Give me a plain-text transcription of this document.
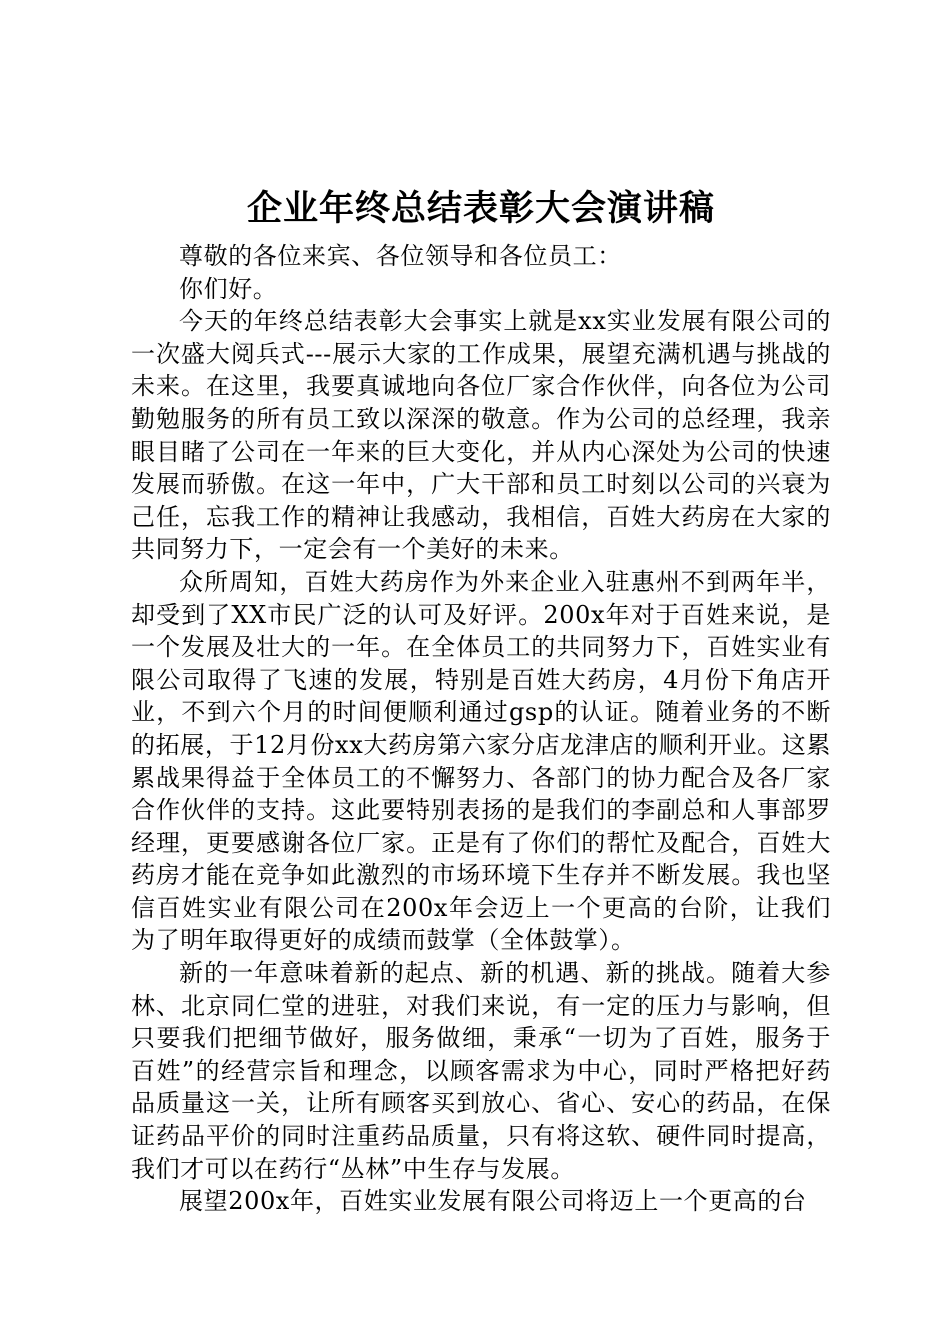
企业年终总结表彰大会演讲稿

尊敬的各位来宾、各位领导和各位员工：

你们好。

今天的年终总结表彰大会事实上就是xx实业发展有限公司的一次盛大阅兵式---展示大家的工作成果，展望充满机遇与挑战的未来。在这里，我要真诚地向各位厂家合作伙伴，向各位为公司勤勉服务的所有员工致以深深的敬意。作为公司的总经理，我亲眼目睹了公司在一年来的巨大变化，并从内心深处为公司的快速发展而骄傲。在这一年中，广大干部和员工时刻以公司的兴衰为己任，忘我工作的精神让我感动，我相信，百姓大药房在大家的共同努力下，一定会有一个美好的未来。

众所周知，百姓大药房作为外来企业入驻惠州不到两年半，却受到了XX市民广泛的认可及好评。200x年对于百姓来说，是一个发展及壮大的一年。在全体员工的共同努力下，百姓实业有限公司取得了飞速的发展，特别是百姓大药房，4月份下角店开业，不到六个月的时间便顺利通过gsp的认证。随着业务的不断的拓展，于12月份xx大药房第六家分店龙津店的顺利开业。这累累战果得益于全体员工的不懈努力、各部门的协力配合及各厂家合作伙伴的支持。这此要特别表扬的是我们的李副总和人事部罗经理，更要感谢各位厂家。正是有了你们的帮忙及配合，百姓大药房才能在竞争如此激烈的市场环境下生存并不断发展。我也坚信百姓实业有限公司在200x年会迈上一个更高的台阶，让我们为了明年取得更好的成绩而鼓掌（全体鼓掌）。

新的一年意味着新的起点、新的机遇、新的挑战。随着大参林、北京同仁堂的进驻，对我们来说，有一定的压力与影响，但只要我们把细节做好，服务做细，秉承“一切为了百姓，服务于百姓”的经营宗旨和理念，以顾客需求为中心，同时严格把好药品质量这一关，让所有顾客买到放心、省心、安心的药品，在保证药品平价的同时注重药品质量，只有将这软、硬件同时提高，我们才可以在药行“丛林”中生存与发展。

展望200x年，百姓实业发展有限公司将迈上一个更高的台
